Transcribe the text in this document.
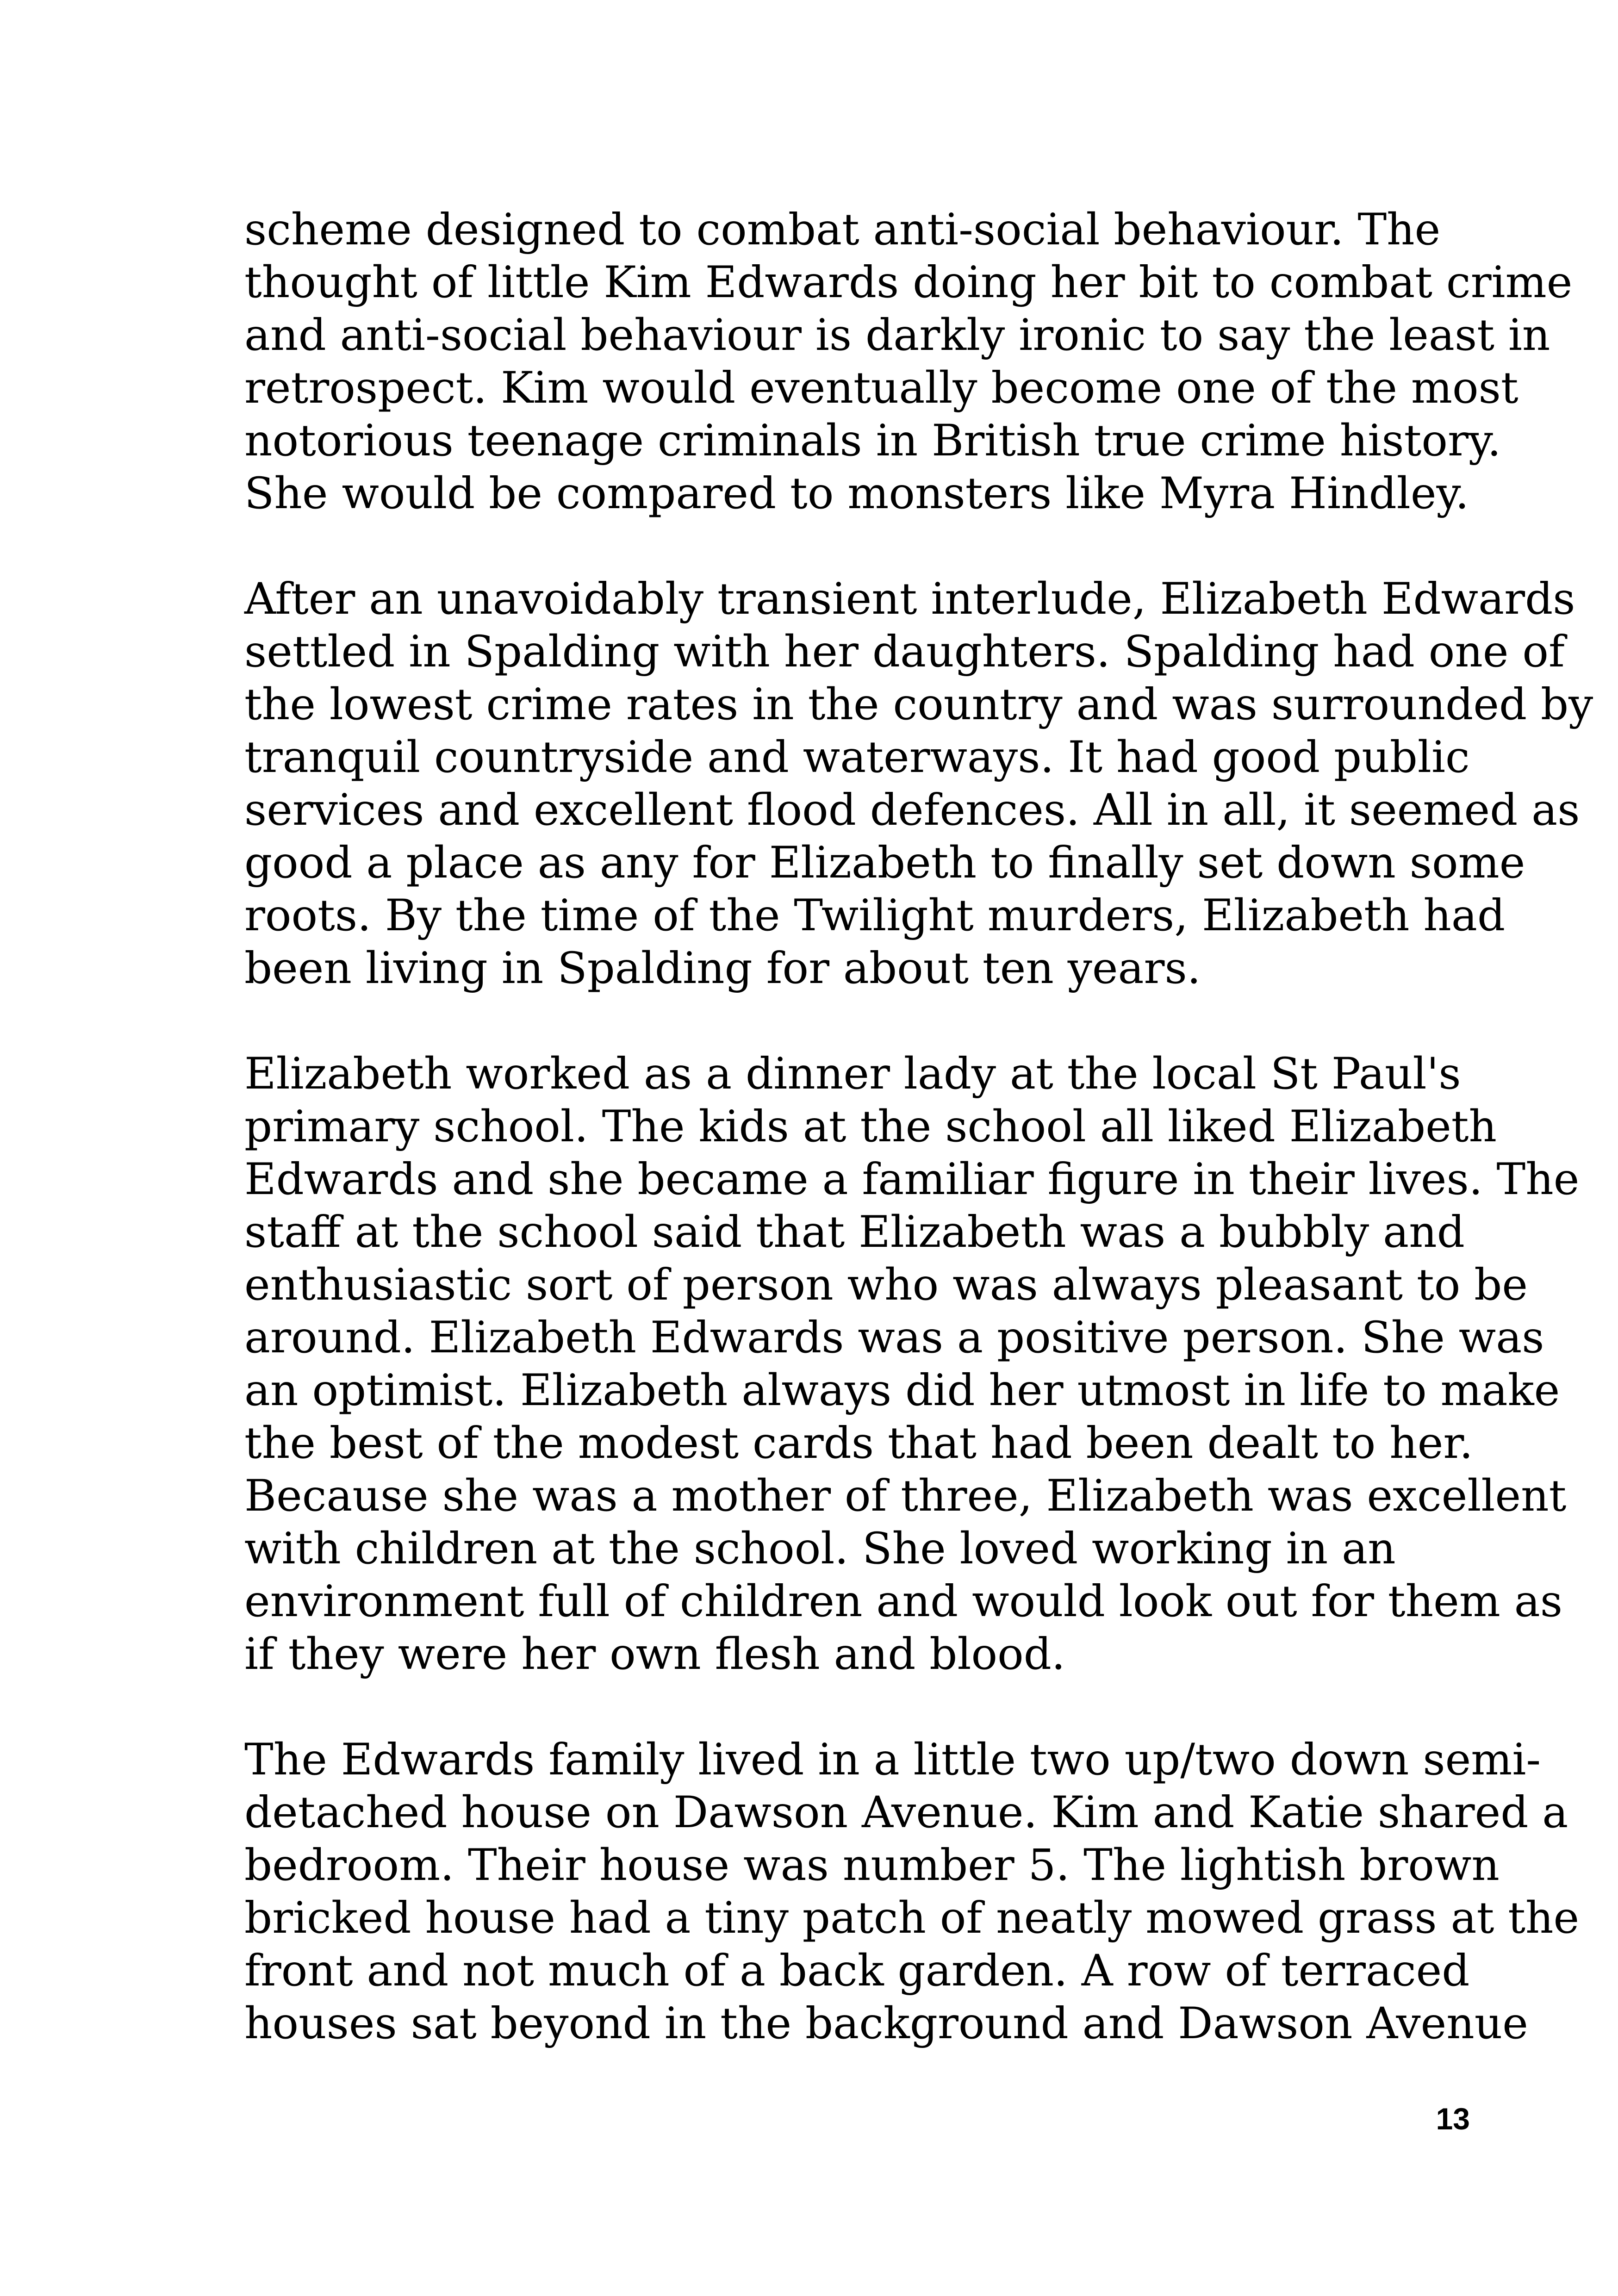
scheme designed to combat anti-social behaviour. The
thought of little Kim Edwards doing her bit to combat crime
and anti-social behaviour is darkly ironic to say the least in
retrospect. Kim would eventually become one of the most
notorious teenage criminals in British true crime history.
She would be compared to monsters like Myra Hindley.

After an unavoidably transient interlude, Elizabeth Edwards
settled in Spalding with her daughters. Spalding had one of
the lowest crime rates in the country and was surrounded by
tranquil countryside and waterways. It had good public
services and excellent flood defences. All in all, it seemed as
good a place as any for Elizabeth to finally set down some
roots. By the time of the Twilight murders, Elizabeth had
been living in Spalding for about ten years.

Elizabeth worked as a dinner lady at the local St Paul's
primary school. The kids at the school all liked Elizabeth
Edwards and she became a familiar figure in their lives. The
staff at the school said that Elizabeth was a bubbly and
enthusiastic sort of person who was always pleasant to be
around. Elizabeth Edwards was a positive person. She was
an optimist. Elizabeth always did her utmost in life to make
the best of the modest cards that had been dealt to her.
Because she was a mother of three, Elizabeth was excellent
with children at the school. She loved working in an
environment full of children and would look out for them as
if they were her own flesh and blood.

The Edwards family lived in a little two up/two down semi-
detached house on Dawson Avenue. Kim and Katie shared a
bedroom. Their house was number 5. The lightish brown
bricked house had a tiny patch of neatly mowed grass at the
front and not much of a back garden. A row of terraced
houses sat beyond in the background and Dawson Avenue

13
